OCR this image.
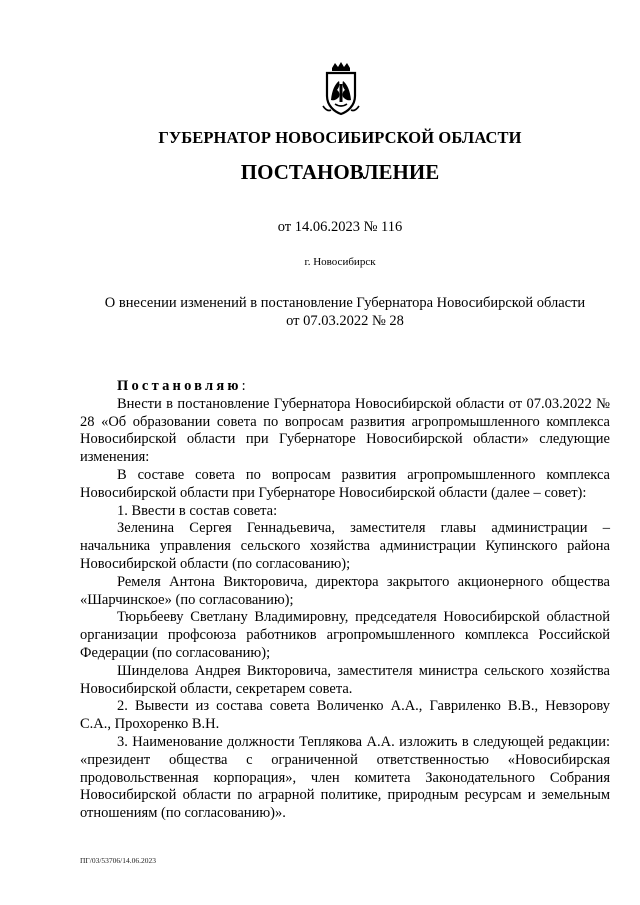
ГУБЕРНАТОР НОВОСИБИРСКОЙ ОБЛАСТИ
ПОСТАНОВЛЕНИЕ
от 14.06.2023 № 116
г. Новосибирск
О внесении изменений в постановление Губернатора Новосибирской области
от 07.03.2022 № 28

Постановляю:

Внести в постановление Губернатора Новосибирской области от 07.03.2022 № 28 «Об образовании совета по вопросам развития агропромышленного комплекса Новосибирской области при Губернаторе Новосибирской области» следующие изменения:

В составе совета по вопросам развития агропромышленного комплекса Новосибирской области при Губернаторе Новосибирской области (далее – совет):

1. Ввести в состав совета:

Зеленина Сергея Геннадьевича, заместителя главы администрации – начальника управления сельского хозяйства администрации Купинского района Новосибирской области (по согласованию);

Ремеля Антона Викторовича, директора закрытого акционерного общества «Шарчинское» (по согласованию);

Тюрьбееву Светлану Владимировну, председателя Новосибирской областной организации профсоюза работников агропромышленного комплекса Российской Федерации (по согласованию);

Шинделова Андрея Викторовича, заместителя министра сельского хозяйства Новосибирской области, секретарем совета.

2. Вывести из состава совета Воличенко А.А., Гавриленко В.В., Невзорову С.А., Прохоренко В.Н.

3. Наименование должности Теплякова А.А. изложить в следующей редакции: «президент общества с ограниченной ответственностью «Новосибирская продовольственная корпорация», член комитета Законодательного Собрания Новосибирской области по аграрной политике, природным ресурсам и земельным отношениям (по согласованию)».

ПГ/03/53706/14.06.2023
